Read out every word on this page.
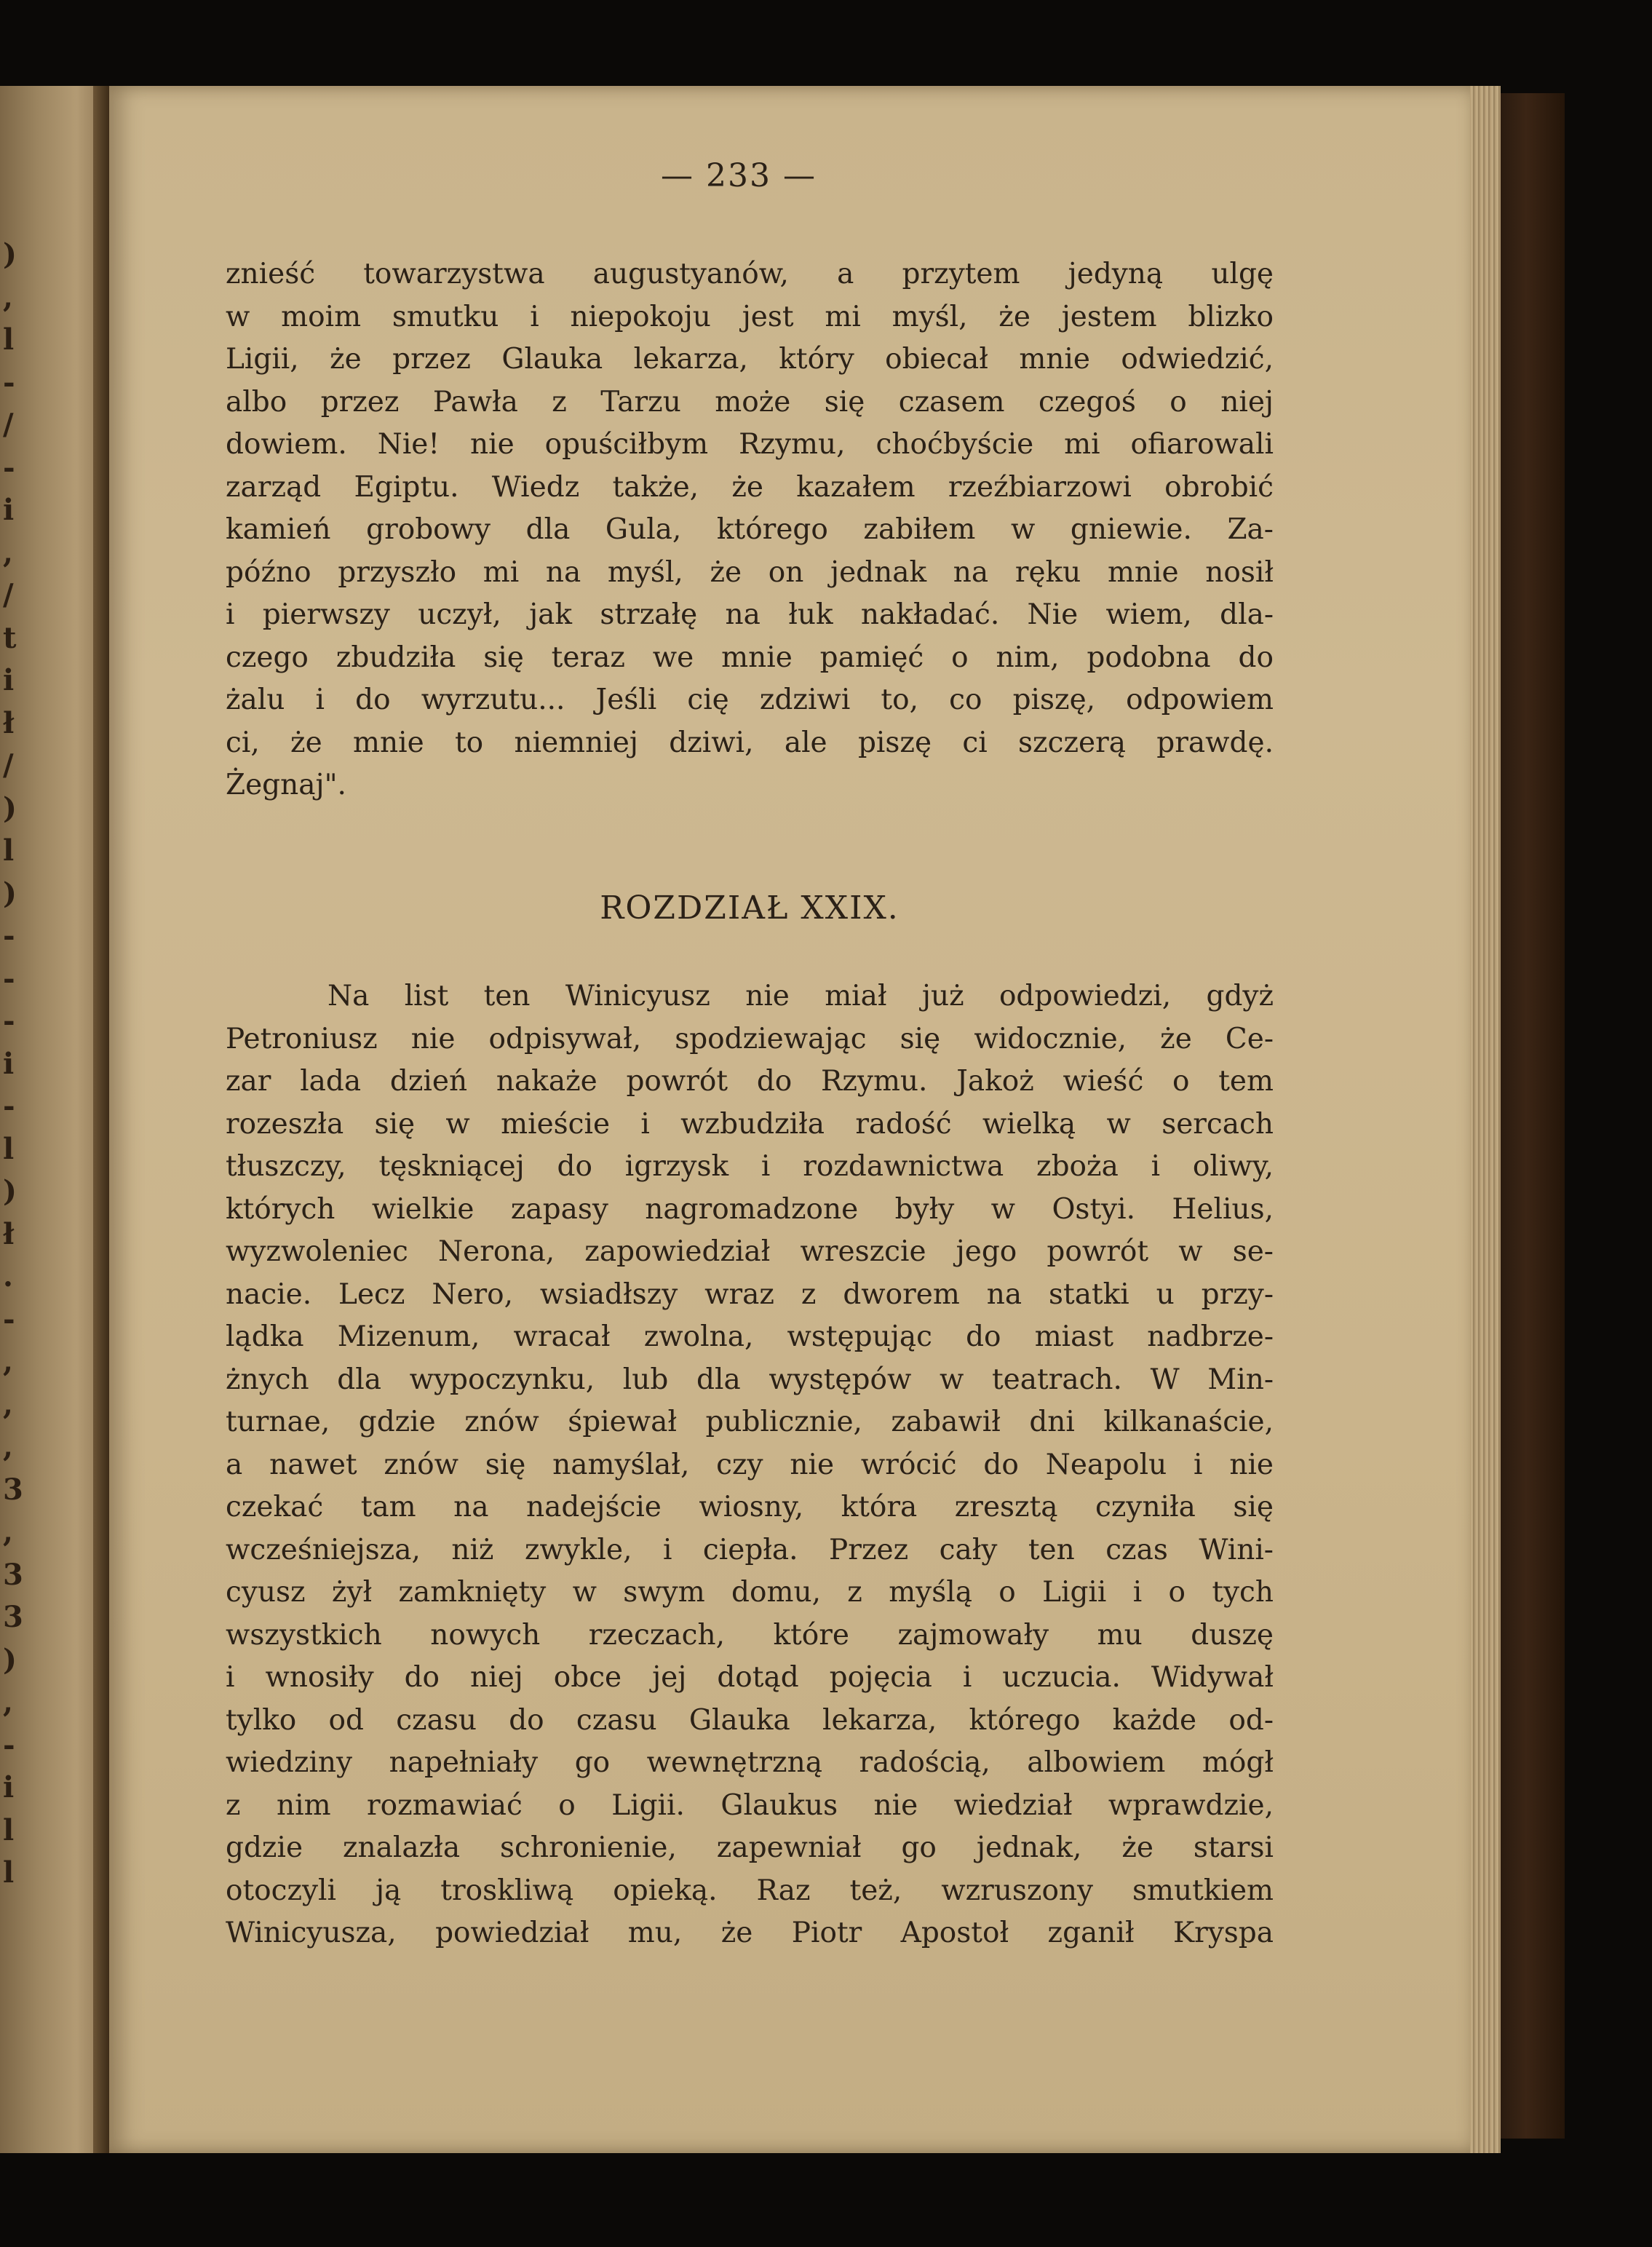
)
,
l
-
/
-
i
,
/
t
i
ł
/
)
l
)
-
-
-
i
-
l
)
ł
.
-
,
,
,
3
,
3
3
)
,
-
i
l
l
— 233 —
znieść towarzystwa augustyanów, a przytem jedyną ulgę
w moim smutku i niepokoju jest mi myśl, że jestem blizko
Ligii, że przez Glauka lekarza, który obiecał mnie odwiedzić,
albo przez Pawła z Tarzu może się czasem czegoś o niej
dowiem. Nie! nie opuściłbym Rzymu, choćbyście mi ofiarowali
zarząd Egiptu. Wiedz także, że kazałem rzeźbiarzowi obrobić
kamień grobowy dla Gula, którego zabiłem w gniewie. Za-
późno przyszło mi na myśl, że on jednak na ręku mnie nosił
i pierwszy uczył, jak strzałę na łuk nakładać. Nie wiem, dla-
czego zbudziła się teraz we mnie pamięć o nim, podobna do
żalu i do wyrzutu... Jeśli cię zdziwi to, co piszę, odpowiem
ci, że mnie to niemniej dziwi, ale piszę ci szczerą prawdę.
Żegnaj".
ROZDZIAŁ XXIX.
Na list ten Winicyusz nie miał już odpowiedzi, gdyż
Petroniusz nie odpisywał, spodziewając się widocznie, że Ce-
zar lada dzień nakaże powrót do Rzymu. Jakoż wieść o tem
rozeszła się w mieście i wzbudziła radość wielką w sercach
tłuszczy, tęskniącej do igrzysk i rozdawnictwa zboża i oliwy,
których wielkie zapasy nagromadzone były w Ostyi. Helius,
wyzwoleniec Nerona, zapowiedział wreszcie jego powrót w se-
nacie. Lecz Nero, wsiadłszy wraz z dworem na statki u przy-
lądka Mizenum, wracał zwolna, wstępując do miast nadbrze-
żnych dla wypoczynku, lub dla występów w teatrach. W Min-
turnae, gdzie znów śpiewał publicznie, zabawił dni kilkanaście,
a nawet znów się namyślał, czy nie wrócić do Neapolu i nie
czekać tam na nadejście wiosny, która zresztą czyniła się
wcześniejsza, niż zwykle, i ciepła. Przez cały ten czas Wini-
cyusz żył zamknięty w swym domu, z myślą o Ligii i o tych
wszystkich nowych rzeczach, które zajmowały mu duszę
i wnosiły do niej obce jej dotąd pojęcia i uczucia. Widywał
tylko od czasu do czasu Glauka lekarza, którego każde od-
wiedziny napełniały go wewnętrzną radością, albowiem mógł
z nim rozmawiać o Ligii. Glaukus nie wiedział wprawdzie,
gdzie znalazła schronienie, zapewniał go jednak, że starsi
otoczyli ją troskliwą opieką. Raz też, wzruszony smutkiem
Winicyusza, powiedział mu, że Piotr Apostoł zganił Kryspa
